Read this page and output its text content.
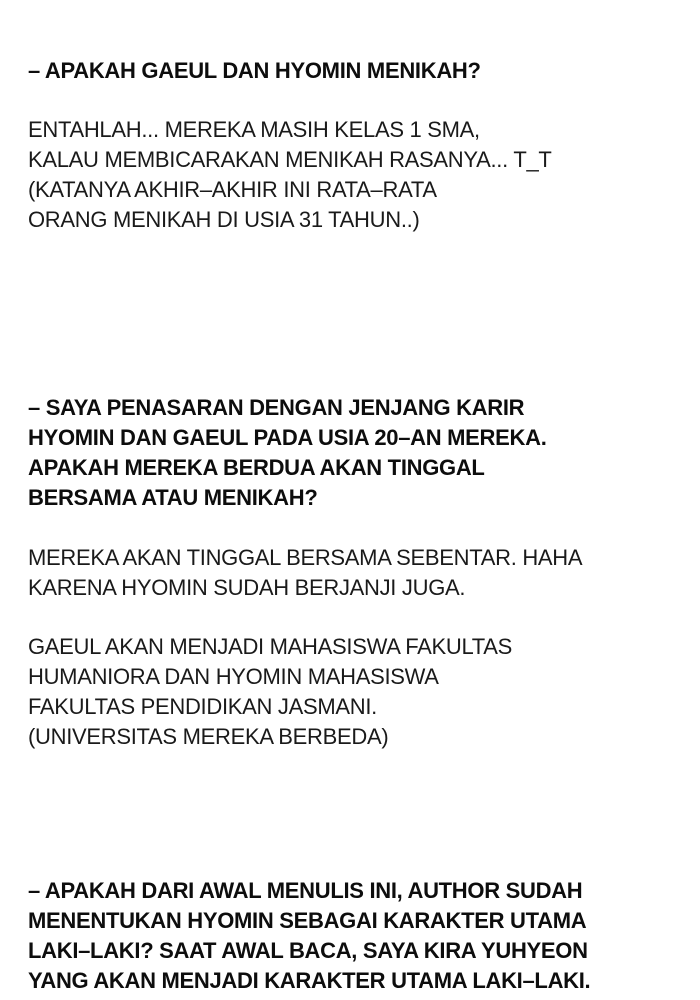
– APAKAH GAEUL DAN HYOMIN MENIKAH?
ENTAHLAH... MEREKA MASIH KELAS 1 SMA,
KALAU MEMBICARAKAN MENIKAH RASANYA... T_T
(KATANYA AKHIR–AKHIR INI RATA–RATA
ORANG MENIKAH DI USIA 31 TAHUN..)
– SAYA PENASARAN DENGAN JENJANG KARIR
HYOMIN DAN GAEUL PADA USIA 20–AN MEREKA.
APAKAH MEREKA BERDUA AKAN TINGGAL
BERSAMA ATAU MENIKAH?
MEREKA AKAN TINGGAL BERSAMA SEBENTAR. HAHA
KARENA HYOMIN SUDAH BERJANJI JUGA.
GAEUL AKAN MENJADI MAHASISWA FAKULTAS
HUMANIORA DAN HYOMIN MAHASISWA
FAKULTAS PENDIDIKAN JASMANI.
(UNIVERSITAS MEREKA BERBEDA)
– APAKAH DARI AWAL MENULIS INI, AUTHOR SUDAH
MENENTUKAN HYOMIN SEBAGAI KARAKTER UTAMA
LAKI–LAKI? SAAT AWAL BACA, SAYA KIRA YUHYEON
YANG AKAN MENJADI KARAKTER UTAMA LAKI–LAKI.
